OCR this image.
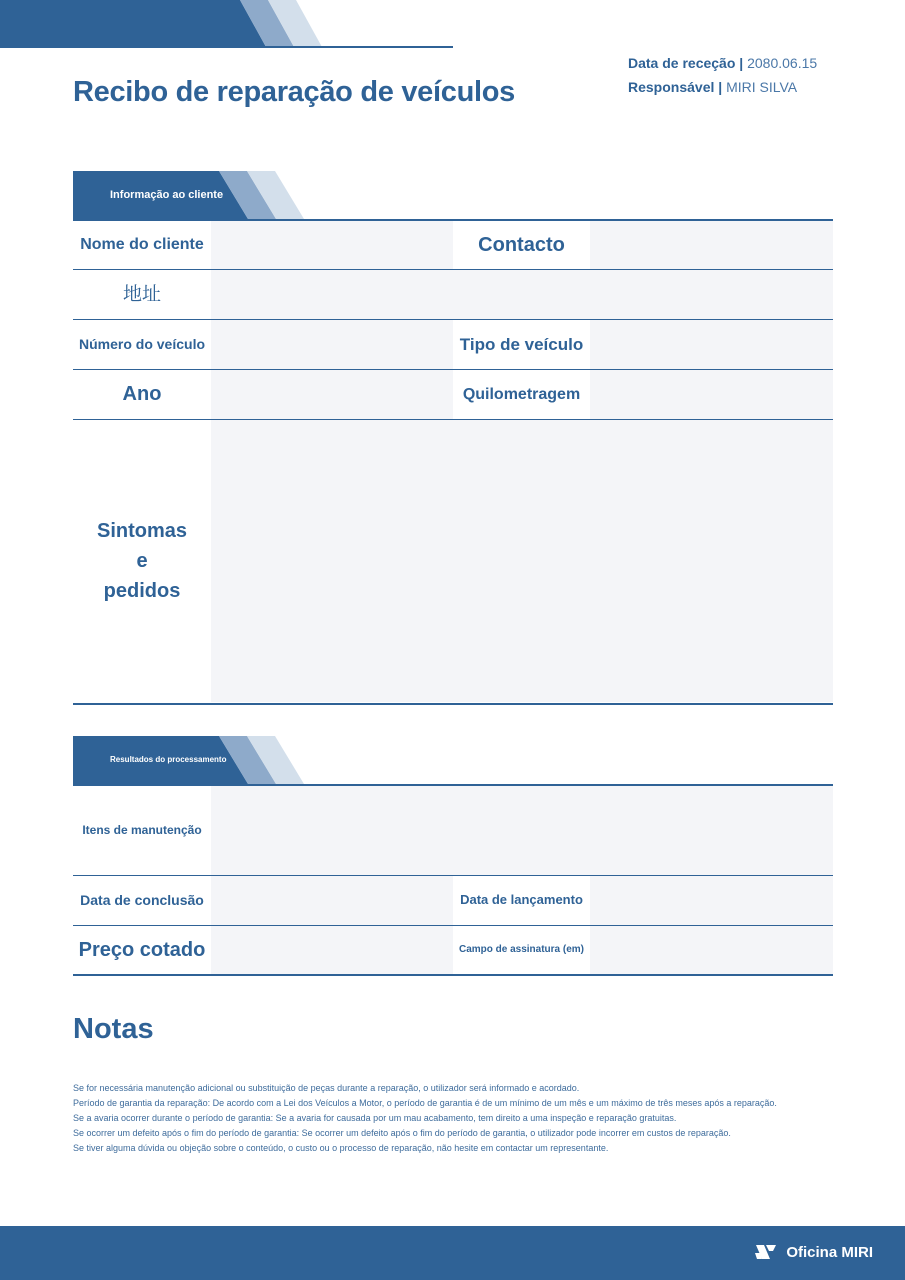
Recibo de reparação de veículos
Data de receção | 2080.06.15
Responsável | MIRI SILVA
Informação ao cliente
Nome do cliente	Contacto
地址
Número do veículo	Tipo de veículo
Ano	Quilometragem
Sintomas
e
pedidos
Resultados do processamento
Itens de manutenção
Data de conclusão	Data de lançamento
Preço cotado	Campo de assinatura (em)
Notas
Se for necessária manutenção adicional ou substituição de peças durante a reparação, o utilizador será informado e acordado.
Período de garantia da reparação: De acordo com a Lei dos Veículos a Motor, o período de garantia é de um mínimo de um mês e um máximo de três meses após a reparação.
Se a avaria ocorrer durante o período de garantia: Se a avaria for causada por um mau acabamento, tem direito a uma inspeção e reparação gratuitas.
Se ocorrer um defeito após o fim do período de garantia: Se ocorrer um defeito após o fim do período de garantia, o utilizador pode incorrer em custos de reparação.
Se tiver alguma dúvida ou objeção sobre o conteúdo, o custo ou o processo de reparação, não hesite em contactar um representante.
Oficina MIRI
